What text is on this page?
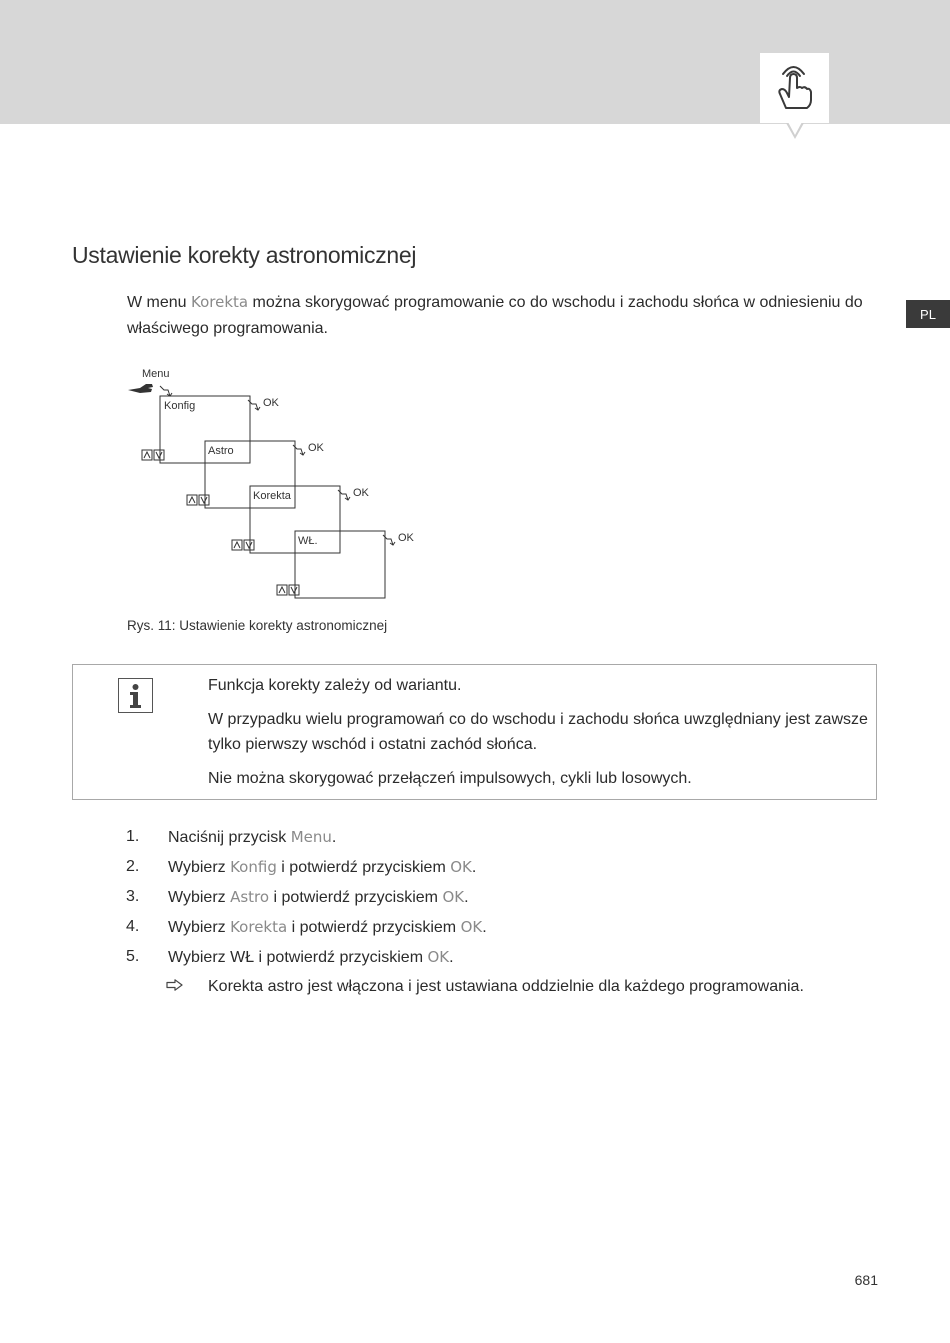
PL
Ustawienie korekty astronomicznej

W menu Korekta można skorygować programowanie co do wschodu i zachodu słońca w odniesieniu do właściwego programowania.

Menu
Konfig	OK
Astro	OK
Korekta	OK
WŁ.	OK

Rys. 11: Ustawienie korekty astronomicznej

Funkcja korekty zależy od wariantu.

W przypadku wielu programowań co do wschodu i zachodu słońca uwzględniany jest zawsze tylko pierwszy wschód i ostatni zachód słońca.

Nie można skorygować przełączeń impulsowych, cykli lub losowych.

1. Naciśnij przycisk Menu.
2. Wybierz Konfig i potwierdź przyciskiem OK.
3. Wybierz Astro i potwierdź przyciskiem OK.
4. Wybierz Korekta i potwierdź przyciskiem OK.
5. Wybierz WŁ i potwierdź przyciskiem OK.
Korekta astro jest włączona i jest ustawiana oddzielnie dla każdego programowania.
681
